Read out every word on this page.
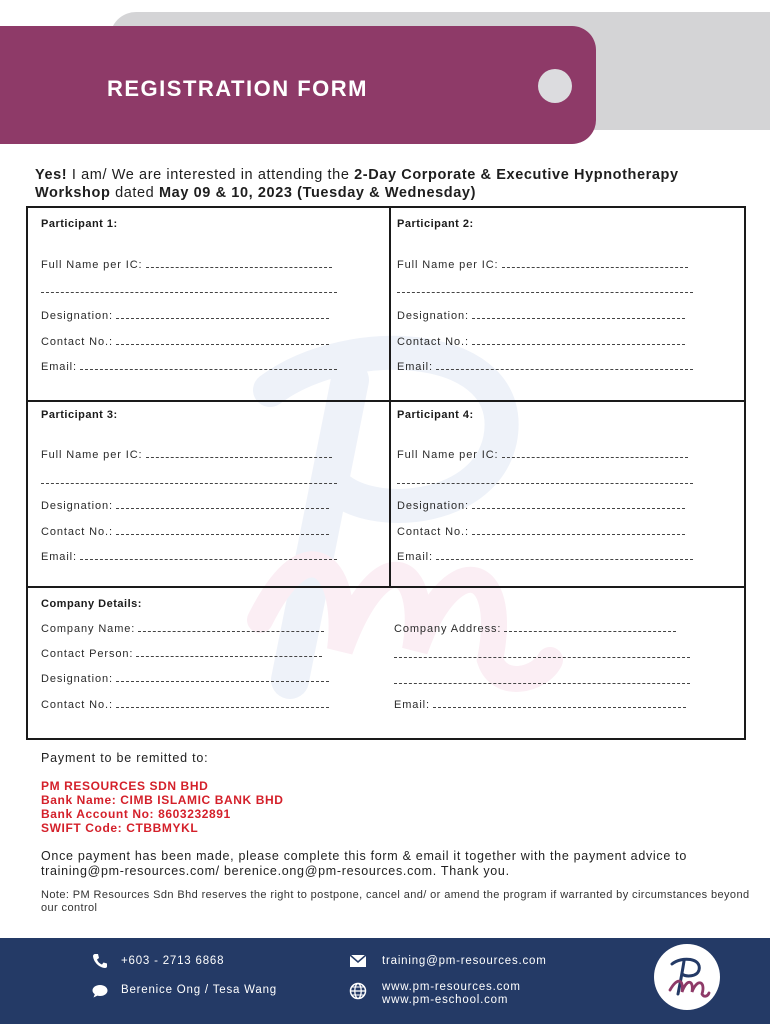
REGISTRATION FORM
Yes! I am/ We are interested in attending the 2-Day Corporate & Executive Hypnotherapy Workshop dated May 09 & 10, 2023 (Tuesday & Wednesday)
Participant 1:
Full Name per IC:
Designation:
Contact No.:
Email:
Participant 2:
Full Name per IC:
Designation:
Contact No.:
Email:
Participant 3:
Full Name per IC:
Designation:
Contact No.:
Email:
Participant 4:
Full Name per IC:
Designation:
Contact No.:
Email:
Company Details:
Company Name:
Contact Person:
Designation:
Contact No.:
Company Address:
Email:
Payment to be remitted to:
PM RESOURCES SDN BHD
Bank Name: CIMB ISLAMIC BANK BHD
Bank Account No: 8603232891
SWIFT Code: CTBBMYKL
Once payment has been made, please complete this form & email it together with the payment advice to training@pm-resources.com/ berenice.ong@pm-resources.com. Thank you.
Note: PM Resources Sdn Bhd reserves the right to postpone, cancel and/ or amend the program if warranted by circumstances beyond our control
+603 - 2713 6868
Berenice Ong / Tesa Wang
training@pm-resources.com
www.pm-resources.com
www.pm-eschool.com
